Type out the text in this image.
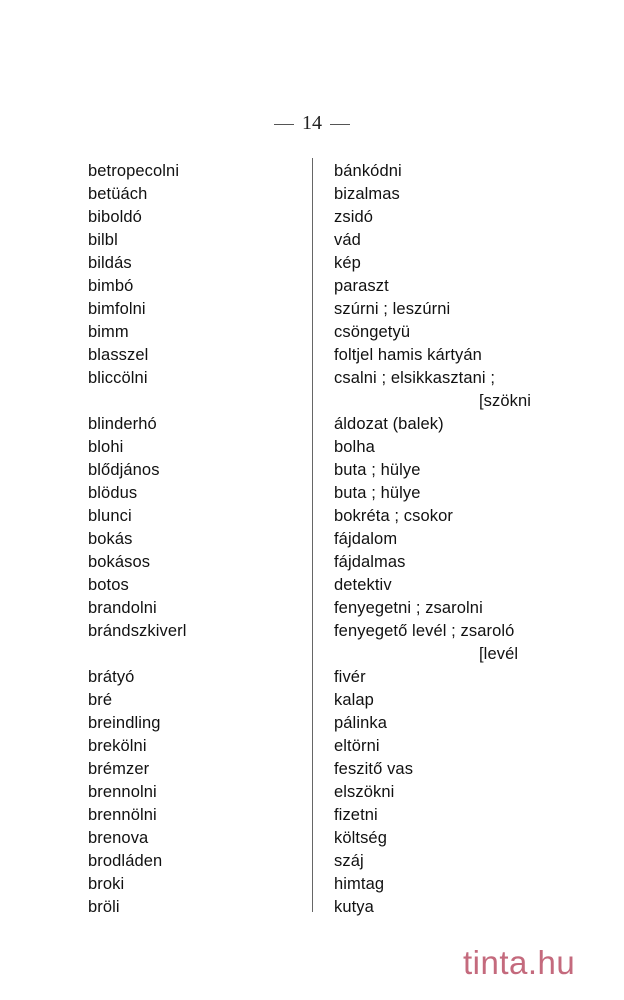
14
betropecolni
betüách
biboldó
bilbl
bildás
bimbó
bimfolni
bimm
blasszel
bliccölni
blinderhó
blohi
blődjános
blödus
blunci
bokás
bokásos
botos
brandolni
brándszkiverl
brátyó
bré
breindling
brekölni
brémzer
brennolni
brennölni
brenova
brodláden
broki
bröli
bánkódni
bizalmas
zsidó
vád
kép
paraszt
szúrni ; leszúrni
csöngetyü
foltjel hamis kártyán
csalni ; elsikkasztani ;
[szökni
áldozat (balek)
bolha
buta ; hülye
buta ; hülye
bokréta ; csokor
fájdalom
fájdalmas
detektiv
fenyegetni ; zsarolni
fenyegető levél ; zsaroló
[levél
fivér
kalap
pálinka
eltörni
feszitő vas
elszökni
fizetni
költség
száj
himtag
kutya
tinta.hu
